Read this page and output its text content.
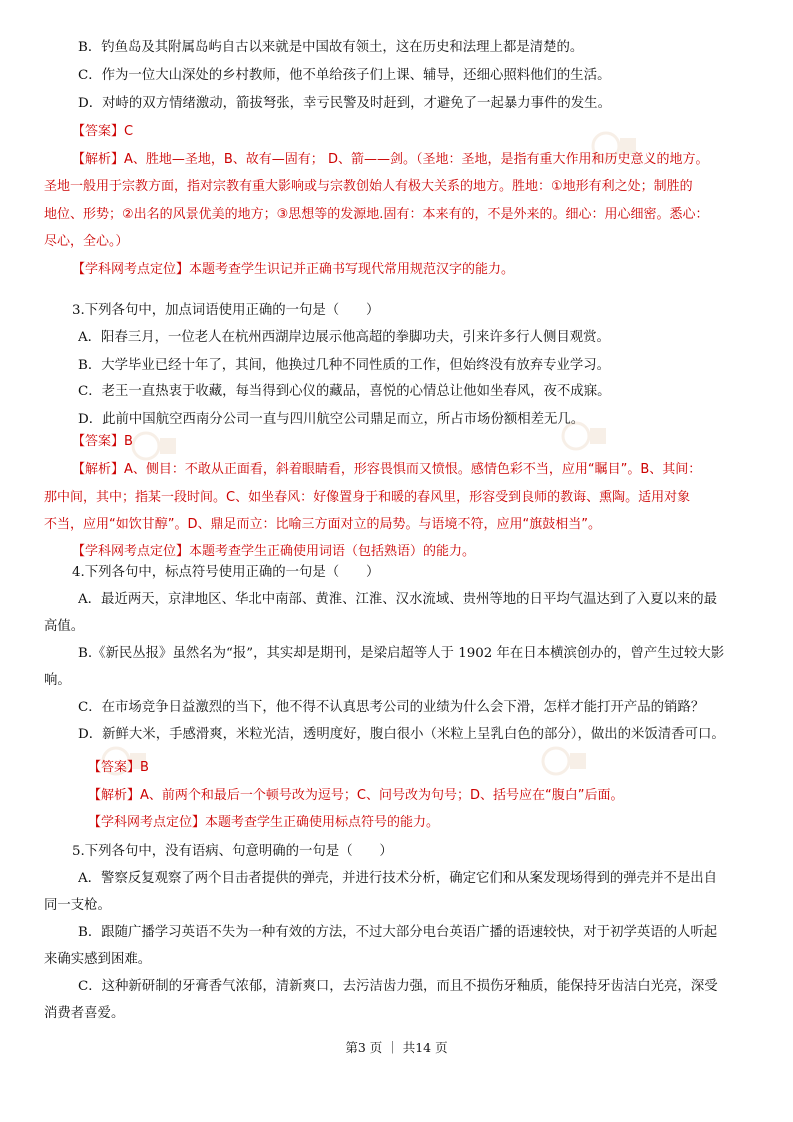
B．钓鱼岛及其附属岛屿自古以来就是中国故有领土，这在历史和法理上都是清楚的。
C．作为一位大山深处的乡村教师，他不单给孩子们上课、辅导，还细心照料他们的生活。
D．对峙的双方情绪激动，箭拔弩张，幸亏民警及时赶到，才避免了一起暴力事件的发生。
【答案】C
【解析】A、胜地—圣地，B、故有—固有； D、箭——剑。（圣地：圣地，是指有重大作用和历史意义的地方。
圣地一般用于宗教方面，指对宗教有重大影响或与宗教创始人有极大关系的地方。胜地：①地形有利之处；制胜的
地位、形势；②出名的风景优美的地方；③思想等的发源地.固有：本来有的，不是外来的。细心：用心细密。悉心：
尽心，全心。）
【学科网考点定位】本题考查学生识记并正确书写现代常用规范汉字的能力。
3.下列各句中，加点词语使用正确的一句是（　　）
A．阳春三月，一位老人在杭州西湖岸边展示他高超的拳脚功夫，引来许多行人侧目观赏。
B．大学毕业已经十年了，其间，他换过几种不同性质的工作，但始终没有放弃专业学习。
C．老王一直热衷于收藏，每当得到心仪的藏品，喜悦的心情总让他如坐春风，夜不成寐。
D．此前中国航空西南分公司一直与四川航空公司鼎足而立，所占市场份额相差无几。
【答案】B
【解析】A、侧目：不敢从正面看，斜着眼睛看，形容畏惧而又愤恨。感情色彩不当，应用“瞩目”。B、其间：
那中间，其中；指某一段时间。C、如坐春风：好像置身于和暖的春风里，形容受到良师的教诲、熏陶。适用对象
不当，应用“如饮甘醇”。D、鼎足而立：比喻三方面对立的局势。与语境不符，应用“旗鼓相当”。
【学科网考点定位】本题考查学生正确使用词语（包括熟语）的能力。
4.下列各句中，标点符号使用正确的一句是（　　）
A．最近两天，京津地区、华北中南部、黄淮、江淮、汉水流域、贵州等地的日平均气温达到了入夏以来的最
高值。
B.《新民丛报》虽然名为“报”，其实却是期刊，是梁启超等人于 1902 年在日本横滨创办的，曾产生过较大影
响。
C．在市场竞争日益激烈的当下，他不得不认真思考公司的业绩为什么会下滑，怎样才能打开产品的销路？
D．新鲜大米，手感滑爽，米粒光洁，透明度好，腹白很小（米粒上呈乳白色的部分），做出的米饭清香可口。
【答案】B
【解析】A、前两个和最后一个顿号改为逗号；C、问号改为句号；D、括号应在“腹白”后面。
【学科网考点定位】本题考查学生正确使用标点符号的能力。
5.下列各句中，没有语病、句意明确的一句是（　　）
A．警察反复观察了两个目击者提供的弹壳，并进行技术分析，确定它们和从案发现场得到的弹壳并不是出自
同一支枪。
B．跟随广播学习英语不失为一种有效的方法，不过大部分电台英语广播的语速较快，对于初学英语的人听起
来确实感到困难。
C．这种新研制的牙膏香气浓郁，清新爽口，去污洁齿力强，而且不损伤牙釉质，能保持牙齿洁白光亮，深受
消费者喜爱。
第3 页 ｜ 共14 页
